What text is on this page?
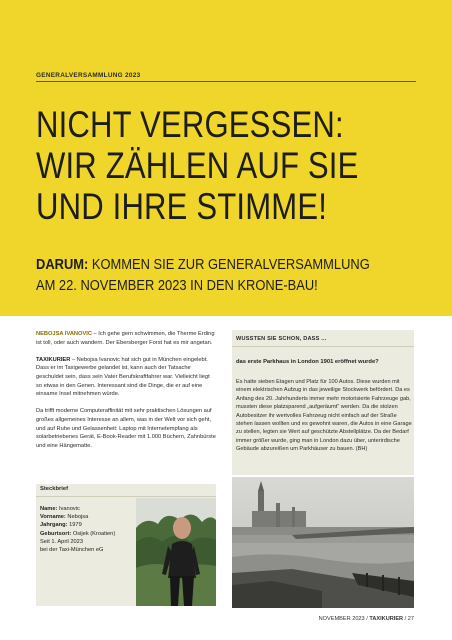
GENERALVERSAMMLUNG 2023
NICHT VERGESSEN:
WIR ZÄHLEN AUF SIE
UND IHRE STIMME!
DARUM: KOMMEN SIE ZUR GENERALVERSAMMLUNG
AM 22. NOVEMBER 2023 IN DEN KRONE-BAU!

NEBOJSA IVANOVIC – Ich gehe gern schwimmen, die Therme Erding ist toll, oder auch wandern. Der Ebersberger Forst hat es mir angetan.

TAXIKURIER – Nebojsa Ivanovic hat sich gut in München eingelebt. Dass er im Taxigewerbe gelandet ist, kann auch der Tatsache geschuldet sein, dass sein Vater Berufskraftfahrer war. Vielleicht liegt so etwas in den Genen. Interessant sind die Dinge, die er auf eine einsame Insel mitnehmen würde.

Da trifft moderne Computeraffinität mit sehr praktischen Lösungen auf großes allgemeines Interesse an allem, was in der Welt vor sich geht, und auf Ruhe und Gelassenheit: Laptop mit Internetempfang als solarbetriebenes Gerät, E-Book-Reader mit 1.000 Büchern, Zahnbürste und eine Hängematte.

Steckbrief
Name: Ivanovic
Vorname: Nebojsa
Jahrgang: 1979
Geburtsort: Osijek (Kroatien)
Seit 1. April 2023
bei der Taxi-München eG
WUSSTEN SIE SCHON, DASS ...
das erste Parkhaus in London 1901 eröffnet wurde?
Es hatte sieben Etagen und Platz für 100 Autos. Diese wurden mit einem elektrischen Aufzug in das jeweilige Stockwerk befördert. Da es Anfang des 20. Jahrhunderts immer mehr motorisierte Fahrzeuge gab, mussten diese platzsparend „aufgeräumt“ werden. Da die stolzen Autobesitzer ihr wertvolles Fahrzeug nicht einfach auf der Straße stehen lassen wollten und es gewohnt waren, die Autos in eine Garage zu stellen, legten sie Wert auf geschützte Abstellplätze. Da der Bedarf immer größer wurde, ging man in London dazu über, unterirdische Gebäude abzureißen um Parkhäuser zu bauen. (BH)
NOVEMBER 2023 / TAXIKURIER / 27
